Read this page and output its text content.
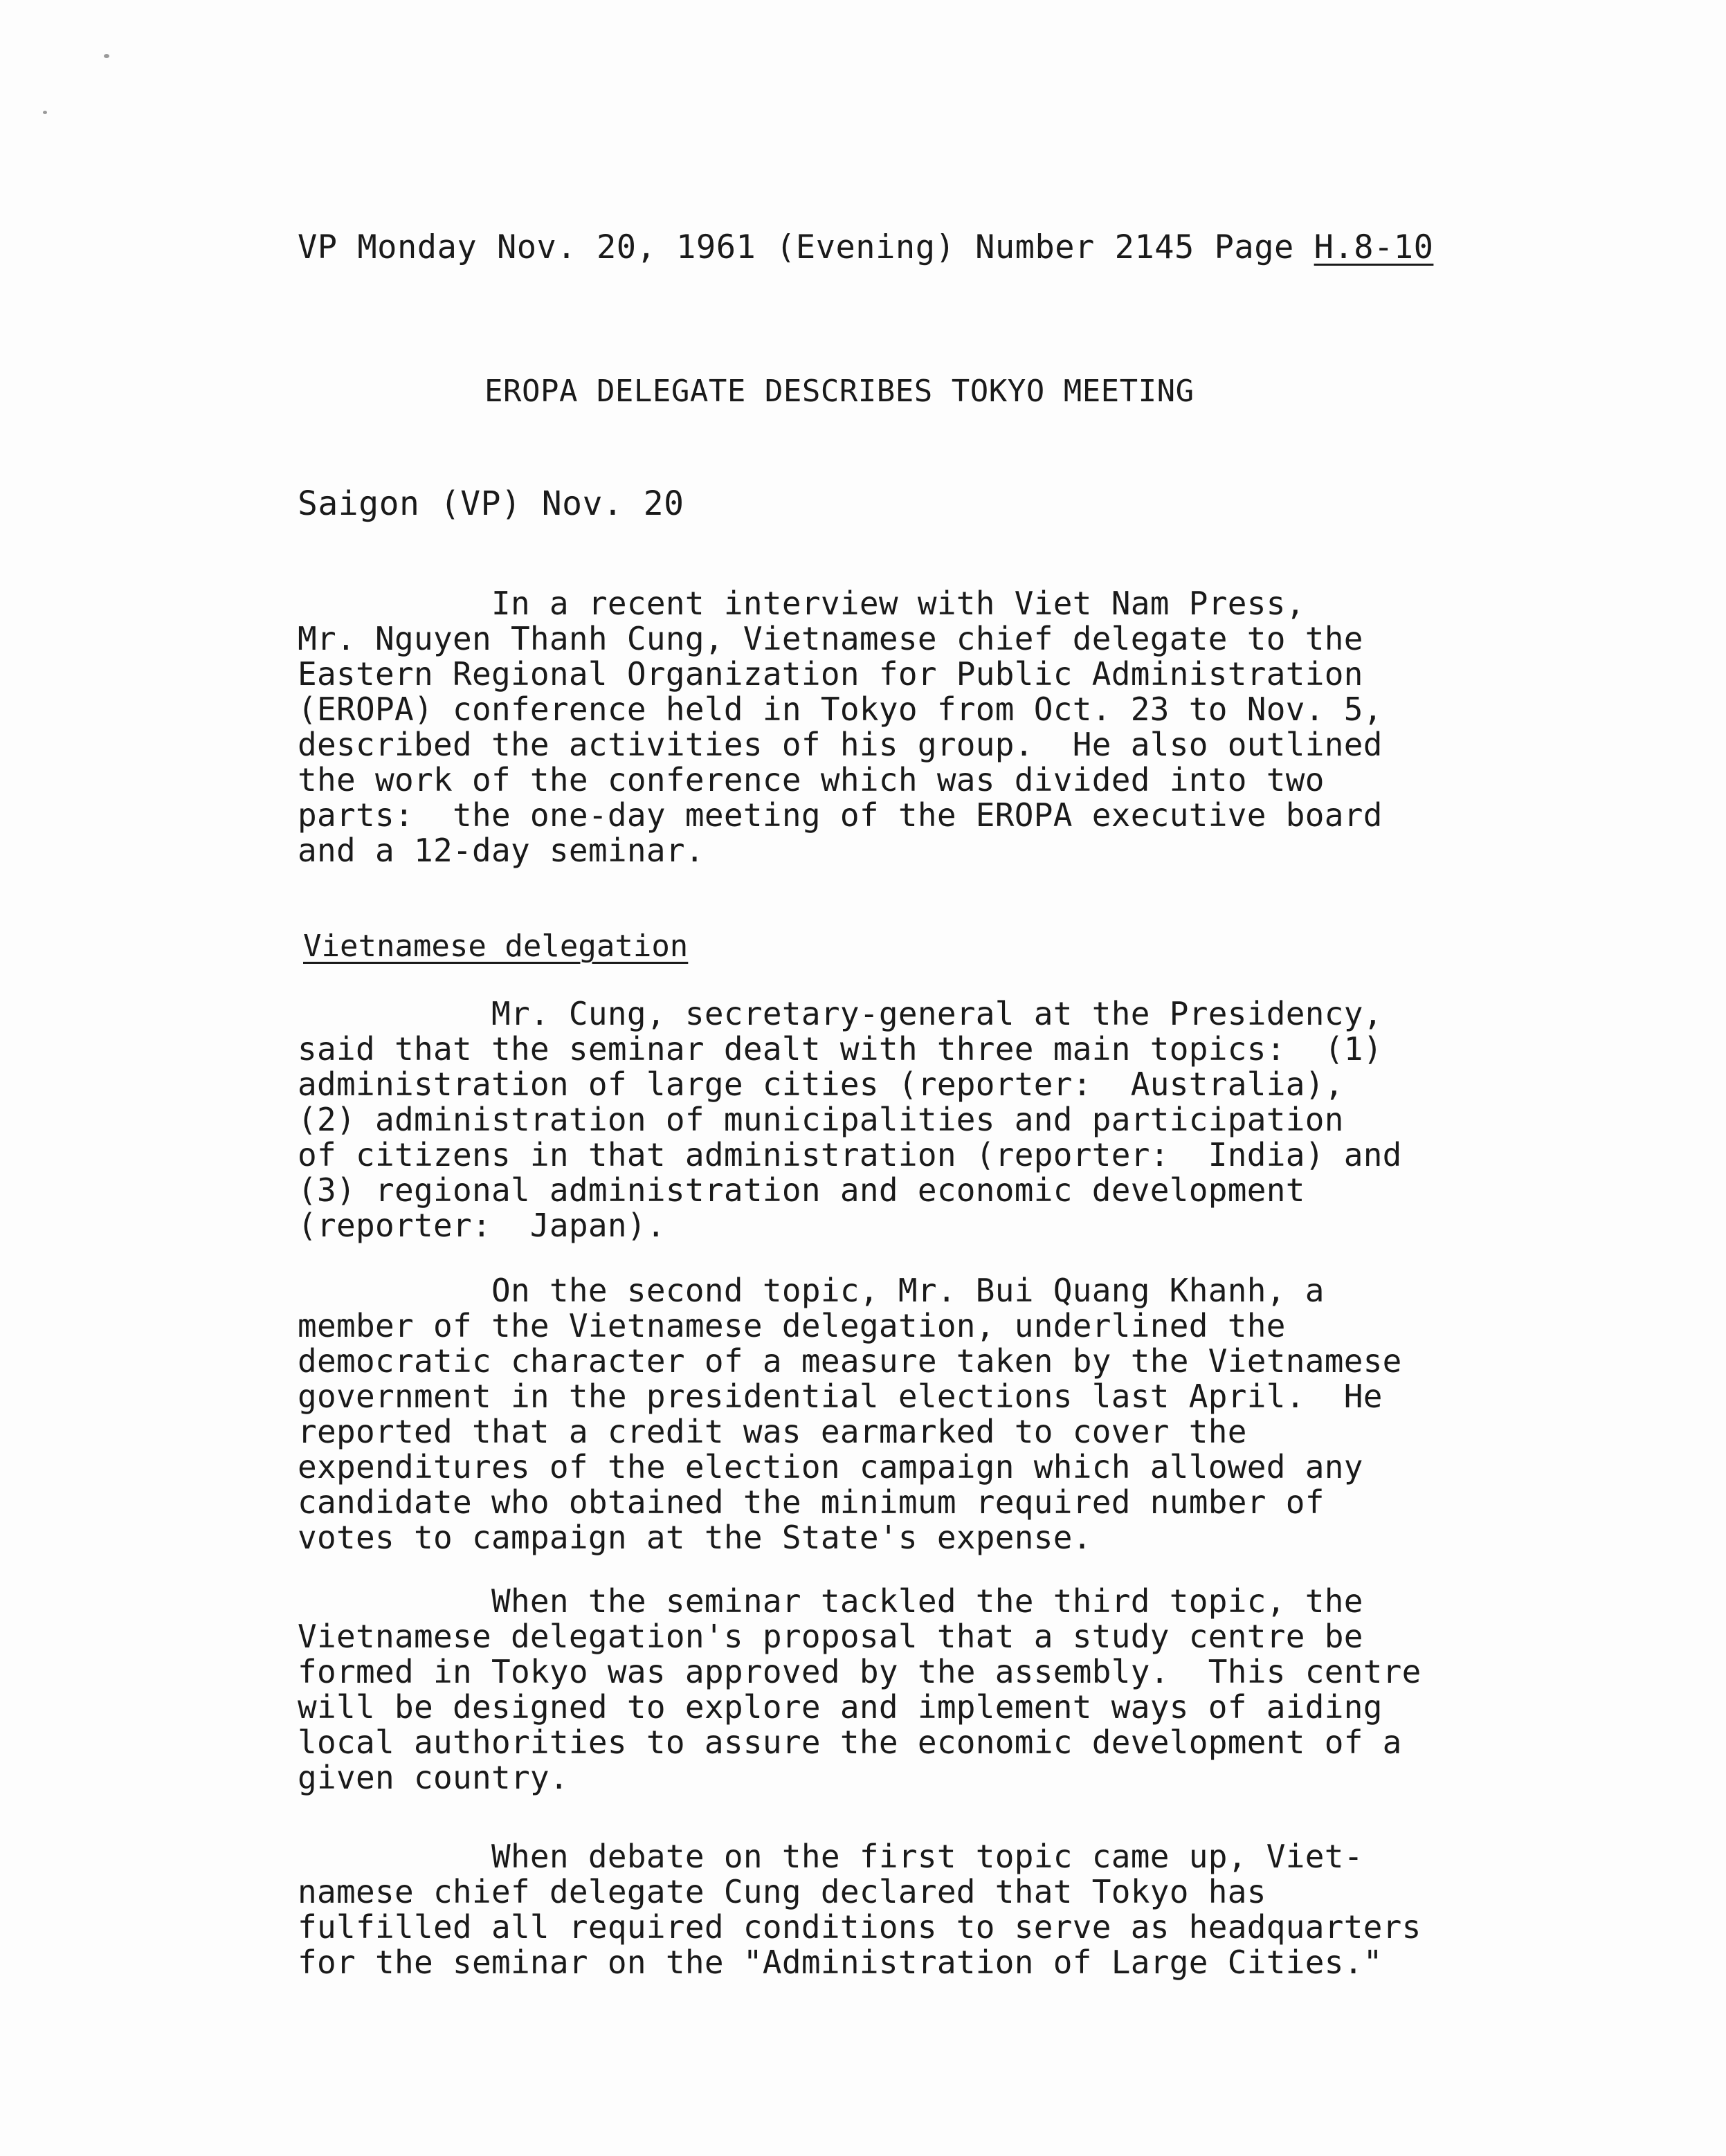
VP Monday Nov. 20, 1961 (Evening) Number 2145 Page H.8-10
EROPA DELEGATE DESCRIBES TOKYO MEETING
Saigon (VP) Nov. 20
In a recent interview with Viet Nam Press,
Mr. Nguyen Thanh Cung, Vietnamese chief delegate to the
Eastern Regional Organization for Public Administration
(EROPA) conference held in Tokyo from Oct. 23 to Nov. 5,
described the activities of his group.  He also outlined
the work of the conference which was divided into two
parts:  the one-day meeting of the EROPA executive board
and a 12-day seminar.
Vietnamese delegation
Mr. Cung, secretary-general at the Presidency,
said that the seminar dealt with three main topics:  (1)
administration of large cities (reporter:  Australia),
(2) administration of municipalities and participation
of citizens in that administration (reporter:  India) and
(3) regional administration and economic development
(reporter:  Japan).
On the second topic, Mr. Bui Quang Khanh, a
member of the Vietnamese delegation, underlined the
democratic character of a measure taken by the Vietnamese
government in the presidential elections last April.  He
reported that a credit was earmarked to cover the
expenditures of the election campaign which allowed any
candidate who obtained the minimum required number of
votes to campaign at the State's expense.
When the seminar tackled the third topic, the
Vietnamese delegation's proposal that a study centre be
formed in Tokyo was approved by the assembly.  This centre
will be designed to explore and implement ways of aiding
local authorities to assure the economic development of a
given country.
When debate on the first topic came up, Viet-
namese chief delegate Cung declared that Tokyo has
fulfilled all required conditions to serve as headquarters
for the seminar on the "Administration of Large Cities."
